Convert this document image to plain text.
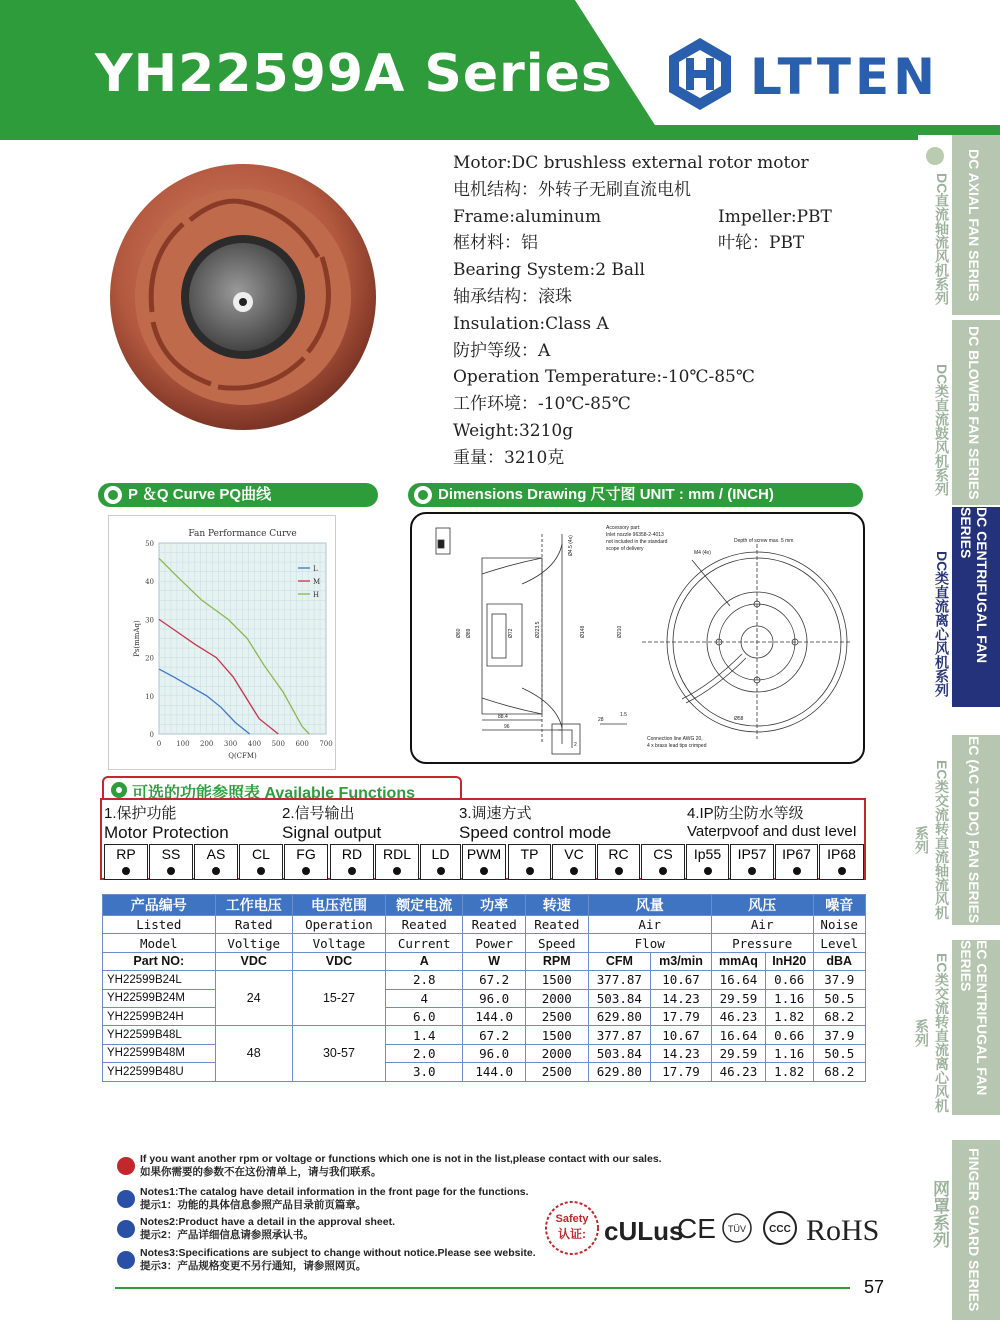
YH22599A Series	LTTEN
DC直流轴流风机系列	DC AXIAL FAN SERIES
DC类直流鼓风机系列	DC BLOWER FAN SERIES
DC类直流离心风机系列	DC CENTRIFUGAL FAN SERIES
EC类交流转直流轴流风机系列	EC (AC TO DC) FAN SERIES
EC类交流转直流离心风机系列	EC CENTRIFUGAL FAN SERIES
网罩系列	FINGER GUARD SERIES
Motor:DC brushless external rotor motor
电机结构：外转子无刷直流电机
Frame:aluminum	Impeller:PBT
框材料：铝	叶轮：PBT
Bearing System:2 Ball
轴承结构：滚珠
Insulation:Class A
防护等级：A
Operation Temperature:-10℃-85℃
工作环境：-10℃-85℃
Weight:3210g
重量：3210克
P ＆Q Curve PQ曲线	Dimensions Drawing 尺寸图 UNIT : mm / (INCH)
Fan Performance Curve
0 100 200 300 400 500 600 700
0
10
20
30
40
50
Q(CFM)
Ps(mmAq)
L
M
H
88.4
96
28
1.5
2
Ø148
Ø223.5
Ø72
Ø89
Ø60
Ø4.5 (4x)
Accessory part:
Inlet nozzle 96358-2-4013
not included in the standard
scope of delivery
Depth of screw max. 5 mm
M4 (4x)
Connection line AWG 20,
4 x brass lead tips crimped
Ø58
Ø210
可选的功能参照表 Available Functions
1.保护功能
Motor Protection
2.信号输出
Signal output
3.调速方式
Speed control mode
4.IP防尘防水等级
Vaterpvoof and dust IeveI
RP	SS	AS	CL	FG	RD	RDL	LD	PWM	TP	VC	RC	CS	Ip55	IP57	IP67	IP68
产品编号	工作电压	电压范围	额定电流	功率	转速	风量		风压		噪音
Listed	Rated	Operation	Reated	Reated	Reated	Air		Air		Noise
Model	Voltige	Voltage	Current	Power	Speed	Flow		Pressure		Level
Part NO:	VDC	VDC	A	W	RPM	CFM	m3/min	mmAq	InH20	dBA
YH22599B24L	24	15-27	2.8	67.2	1500	377.87	10.67	16.64	0.66	37.9
YH22599B24M			4	96.0	2000	503.84	14.23	29.59	1.16	50.5
YH22599B24H			6.0	144.0	2500	629.80	17.79	46.23	1.82	68.2
YH22599B48L	48	30-57	1.4	67.2	1500	377.87	10.67	16.64	0.66	37.9
YH22599B48M			2.0	96.0	2000	503.84	14.23	29.59	1.16	50.5
YH22599B48U			3.0	144.0	2500	629.80	17.79	46.23	1.82	68.2
If you want another rpm or voltage or functions which one is not in the list,please contact with our sales.
如果你需要的参数不在这份清单上，请与我们联系。
Notes1:The catalog have detail information in the front page for the functions.
提示1：功能的具体信息参照产品目录前页篇章。
Notes2:Product have a detail in the approval sheet.
提示2：产品详细信息请参照承认书。
Notes3:Specifications are subject to change without notice.Please see website.
提示3：产品规格变更不另行通知，请参照网页。
Safety
认证: cULus
CE TÜV CCC RoHS
57
